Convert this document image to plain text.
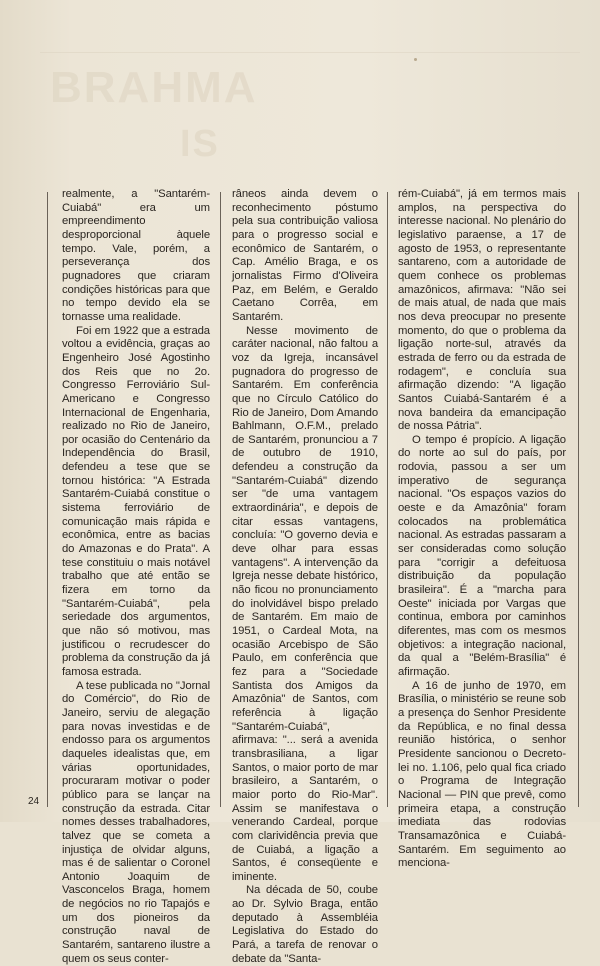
BRAHMA
IS

realmente, a "Santarém-Cuiabá" era um empreendimento desproporcional àquele tempo. Vale, porém, a perseverança dos pugnadores que criaram condições históricas para que no tempo devido ela se tornasse uma realidade.

Foi em 1922 que a estrada voltou a evidência, graças ao Engenheiro José Agostinho dos Reis que no 2o. Congresso Ferroviário Sul-Americano e Congresso Internacional de Engenharia, realizado no Rio de Janeiro, por ocasião do Centenário da Independência do Brasil, defendeu a tese que se tornou histórica: "A Estrada Santarém-Cuiabá constitue o sistema ferroviário de comunicação mais rápida e econômica, entre as bacias do Amazonas e do Prata". A tese constituiu o mais notável trabalho que até então se fizera em torno da "Santarém-Cuiabá", pela seriedade dos argumentos, que não só motivou, mas justificou o recrudescer do problema da construção da já famosa estrada.

A tese publicada no "Jornal do Comércio", do Rio de Janeiro, serviu de alegação para novas investidas e de endosso para os argumentos daqueles idealistas que, em várias oportunidades, procuraram motivar o poder público para se lançar na construção da estrada. Citar nomes desses trabalhadores, talvez que se cometa a injustiça de olvidar alguns, mas é de salientar o Coronel Antonio Joaquim de Vasconcelos Braga, homem de negócios no rio Tapajós e um dos pioneiros da construção naval de Santarém, santareno ilustre a quem os seus conter-

râneos ainda devem o reconhecimento póstumo pela sua contribuição valiosa para o progresso social e econômico de Santarém, o Cap. Amélio Braga, e os jornalistas Firmo d'Oliveira Paz, em Belém, e Geraldo Caetano Corrêa, em Santarém.

Nesse movimento de caráter nacional, não faltou a voz da Igreja, incansável pugnadora do progresso de Santarém. Em conferência que no Círculo Católico do Rio de Janeiro, Dom Amando Bahlmann, O.F.M., prelado de Santarém, pronunciou a 7 de outubro de 1910, defendeu a construção da "Santarém-Cuiabá" dizendo ser "de uma vantagem extraordinária", e depois de citar essas vantagens, concluía: "O governo devia e deve olhar para essas vantagens". A intervenção da Igreja nesse debate histórico, não ficou no pronunciamento do inolvidável bispo prelado de Santarém. Em maio de 1951, o Cardeal Mota, na ocasião Arcebispo de São Paulo, em conferência que fez para a "Sociedade Santista dos Amigos da Amazônia" de Santos, com referência à ligação "Santarém-Cuiabá", afirmava: "... será a avenida transbrasiliana, a ligar Santos, o maior porto de mar brasileiro, a Santarém, o maior porto do Rio-Mar". Assim se manifestava o venerando Cardeal, porque com clarividência previa que de Cuiabá, a ligação a Santos, é conseqüente e iminente.

Na década de 50, coube ao Dr. Sylvio Braga, então deputado à Assembléia Legislativa do Estado do Pará, a tarefa de renovar o debate da "Santa-

rém-Cuiabá", já em termos mais amplos, na perspectiva do interesse nacional. No plenário do legislativo paraense, a 17 de agosto de 1953, o representante santareno, com a autoridade de quem conhece os problemas amazônicos, afirmava: "Não sei de mais atual, de nada que mais nos deva preocupar no presente momento, do que o problema da ligação norte-sul, através da estrada de ferro ou da estrada de rodagem", e concluía sua afirmação dizendo: "A ligação Santos Cuiabá-Santarém é a nova bandeira da emancipação de nossa Pátria".

O tempo é propício. A ligação do norte ao sul do país, por rodovia, passou a ser um imperativo de segurança nacional. "Os espaços vazios do oeste e da Amazônia" foram colocados na problemática nacional. As estradas passaram a ser consideradas como solução para "corrigir a defeituosa distribuição da população brasileira". É a "marcha para Oeste" iniciada por Vargas que continua, embora por caminhos diferentes, mas com os mesmos objetivos: a integração nacional, da qual a "Belém-Brasília" é afirmação.

A 16 de junho de 1970, em Brasília, o ministério se reune sob a presença do Senhor Presidente da República, e no final dessa reunião histórica, o senhor Presidente sancionou o Decreto-lei no. 1.106, pelo qual fica criado o Programa de Integração Nacional — PIN que prevê, como primeira etapa, a construção imediata das rodovias Transamazônica e Cuiabá-Santarém. Em seguimento ao menciona-

24
